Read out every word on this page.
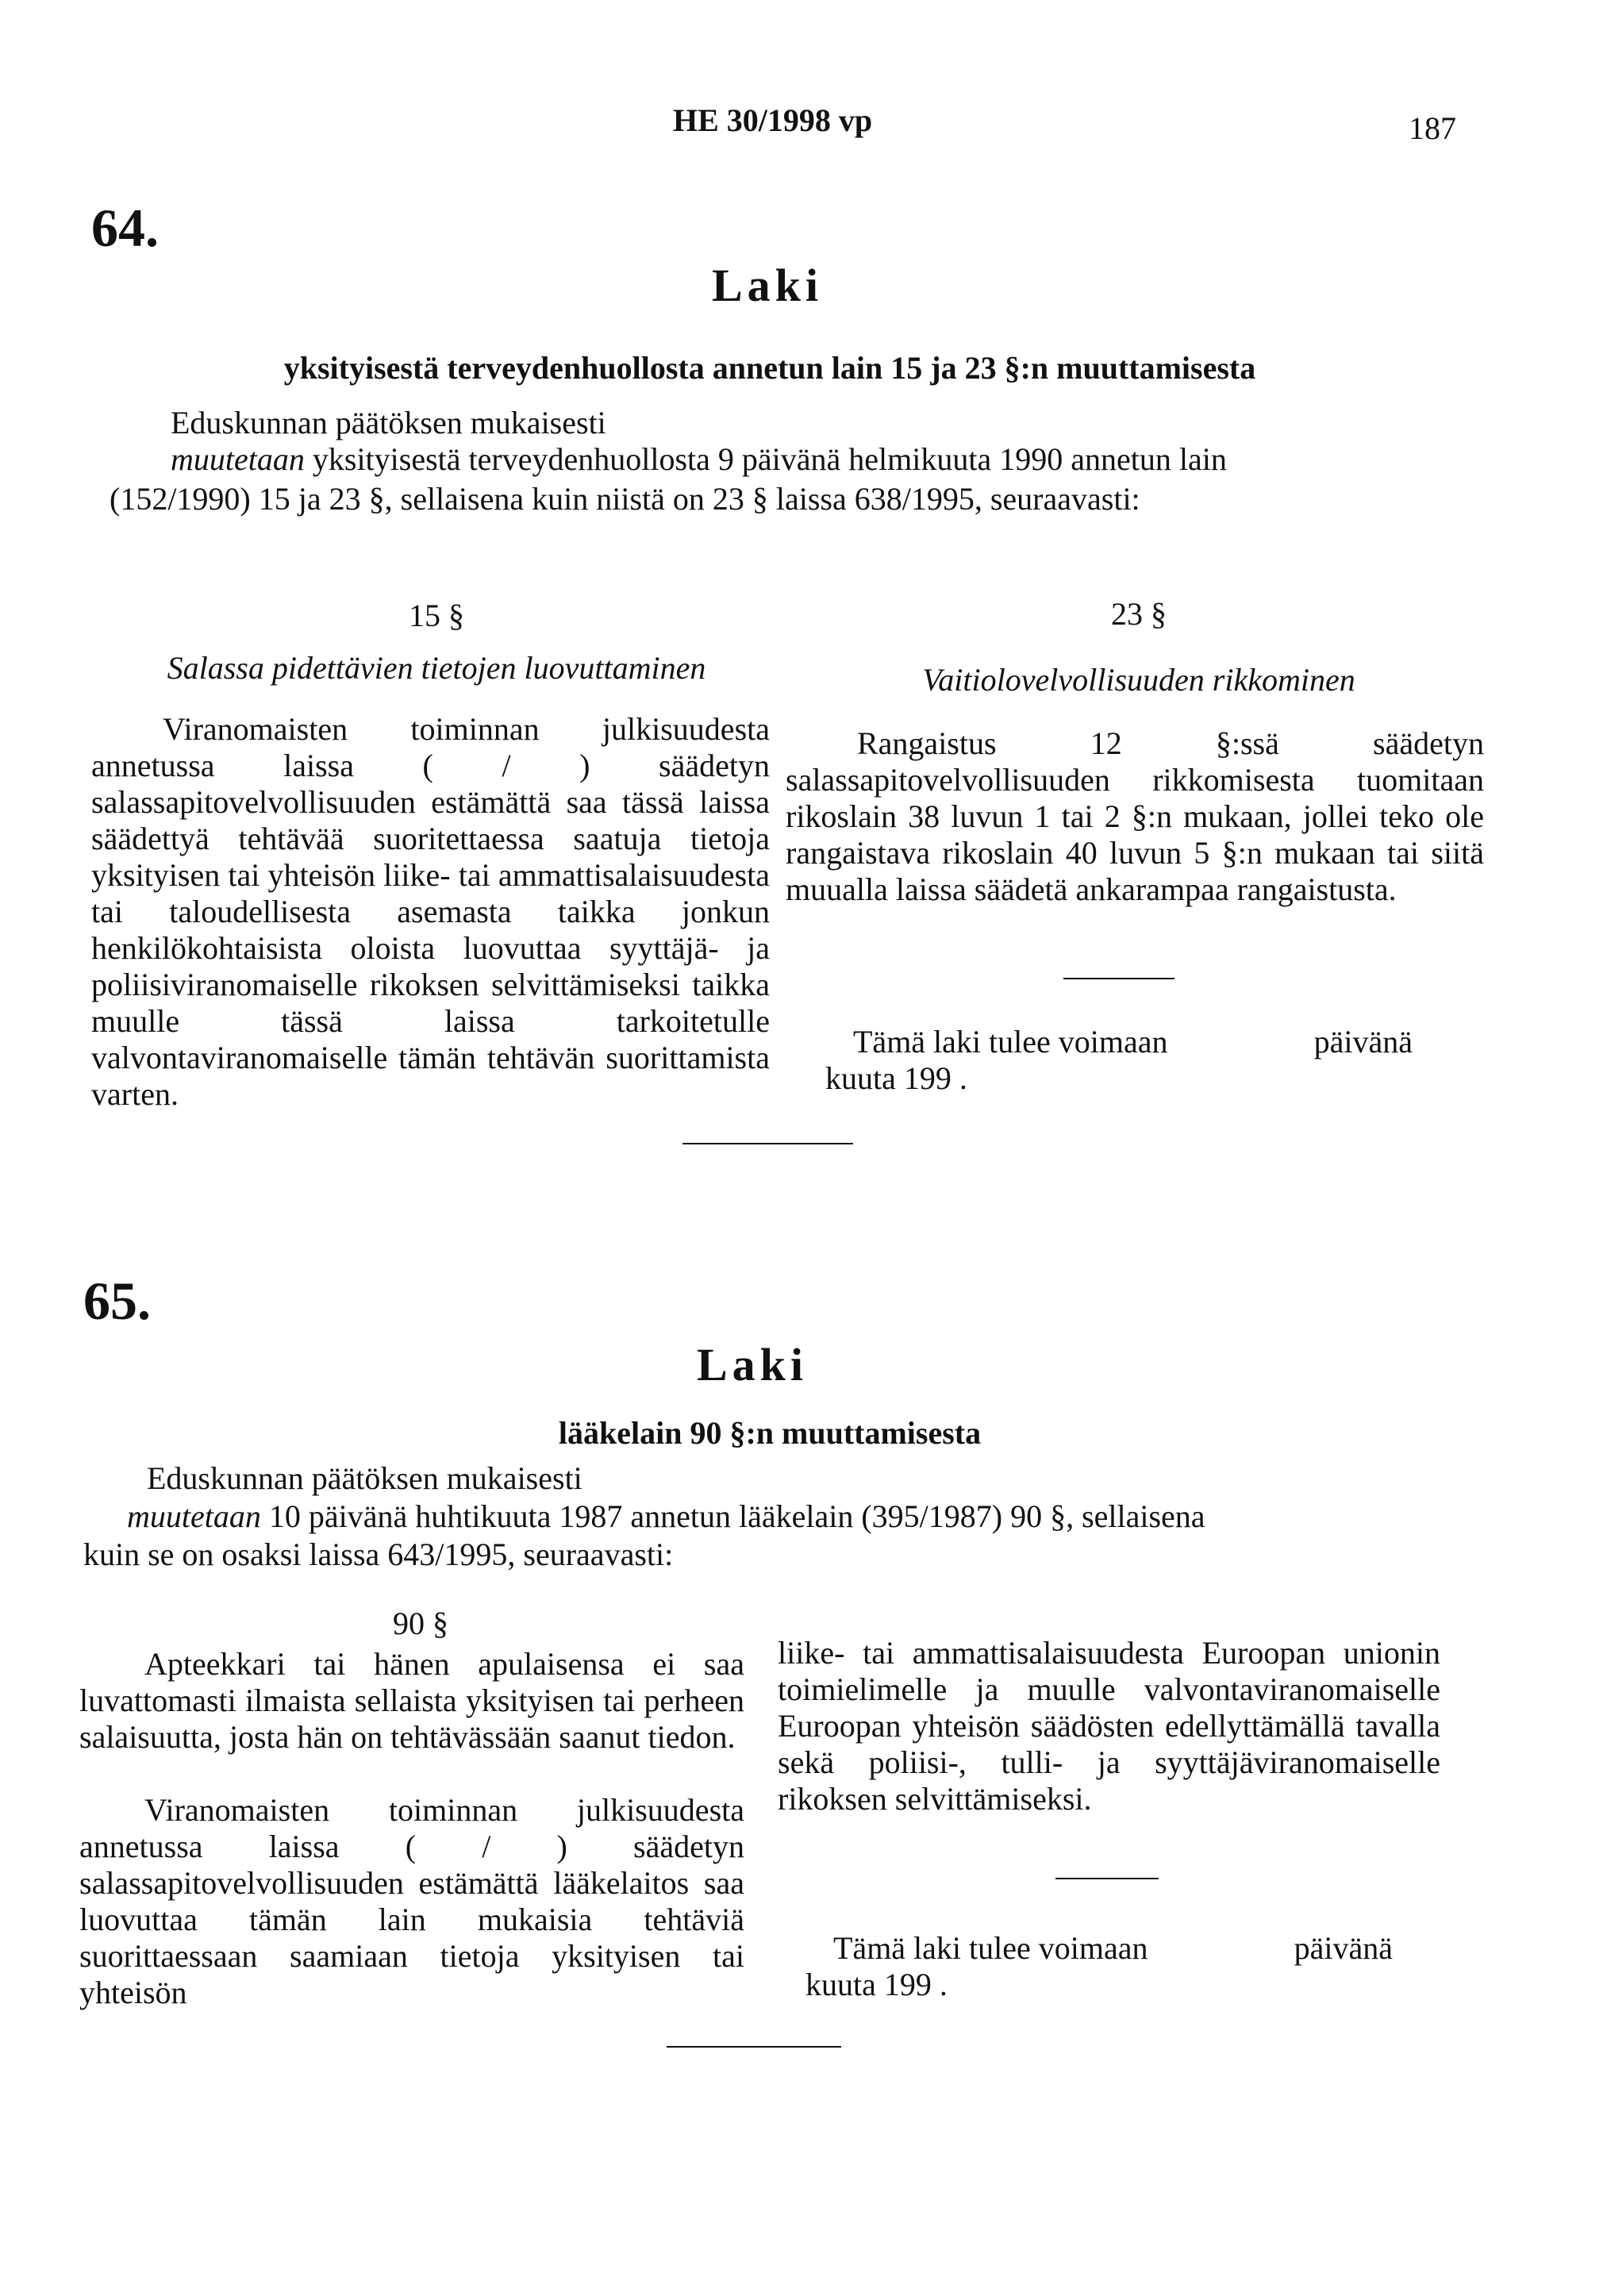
HE 30/1998 vp	187
64.
Laki
yksityisestä terveydenhuollosta annetun lain 15 ja 23 §:n muuttamisesta
Eduskunnan päätöksen mukaisesti
muutetaan yksityisestä terveydenhuollosta 9 päivänä helmikuuta 1990 annetun lain
(152/1990) 15 ja 23 §, sellaisena kuin niistä on 23 § laissa 638/1995, seuraavasti:
15 §
Salassa pidettävien tietojen luovuttaminen
Viranomaisten toiminnan julkisuudesta annetussa laissa ( / ) säädetyn salassapitovelvollisuuden estämättä saa tässä laissa säädettyä tehtävää suoritettaessa saatuja tietoja yksityisen tai yhteisön liike- tai ammattisalaisuudesta tai taloudellisesta asemasta taikka jonkun henkilökohtaisista oloista luovuttaa syyttäjä- ja poliisiviranomaiselle rikoksen selvittämiseksi taikka muulle tässä laissa tarkoitetulle valvontaviranomaiselle tämän tehtävän suorittamista varten.
23 §
Vaitiolovelvollisuuden rikkominen
Rangaistus 12 §:ssä säädetyn salassapitovelvollisuuden rikkomisesta tuomitaan rikoslain 38 luvun 1 tai 2 §:n mukaan, jollei teko ole rangaistava rikoslain 40 luvun 5 §:n mukaan tai siitä muualla laissa säädetä ankarampaa rangaistusta.
Tämä laki tulee voimaan	päivänä
kuuta 199 .
65.
Laki
lääkelain 90 §:n muuttamisesta
Eduskunnan päätöksen mukaisesti
muutetaan 10 päivänä huhtikuuta 1987 annetun lääkelain (395/1987) 90 §, sellaisena
kuin se on osaksi laissa 643/1995, seuraavasti:
90 §
Apteekkari tai hänen apulaisensa ei saa luvattomasti ilmaista sellaista yksityisen tai perheen salaisuutta, josta hän on tehtävässään saanut tiedon.
Viranomaisten toiminnan julkisuudesta annetussa laissa ( / ) säädetyn salassapitovelvollisuuden estämättä lääkelaitos saa luovuttaa tämän lain mukaisia tehtäviä suorittaessaan saamiaan tietoja yksityisen tai yhteisön
liike- tai ammattisalaisuudesta Euroopan unionin toimielimelle ja muulle valvontaviranomaiselle Euroopan yhteisön säädösten edellyttämällä tavalla sekä poliisi-, tulli- ja syyttäjäviranomaiselle rikoksen selvittämiseksi.
Tämä laki tulee voimaan	päivänä
kuuta 199 .
